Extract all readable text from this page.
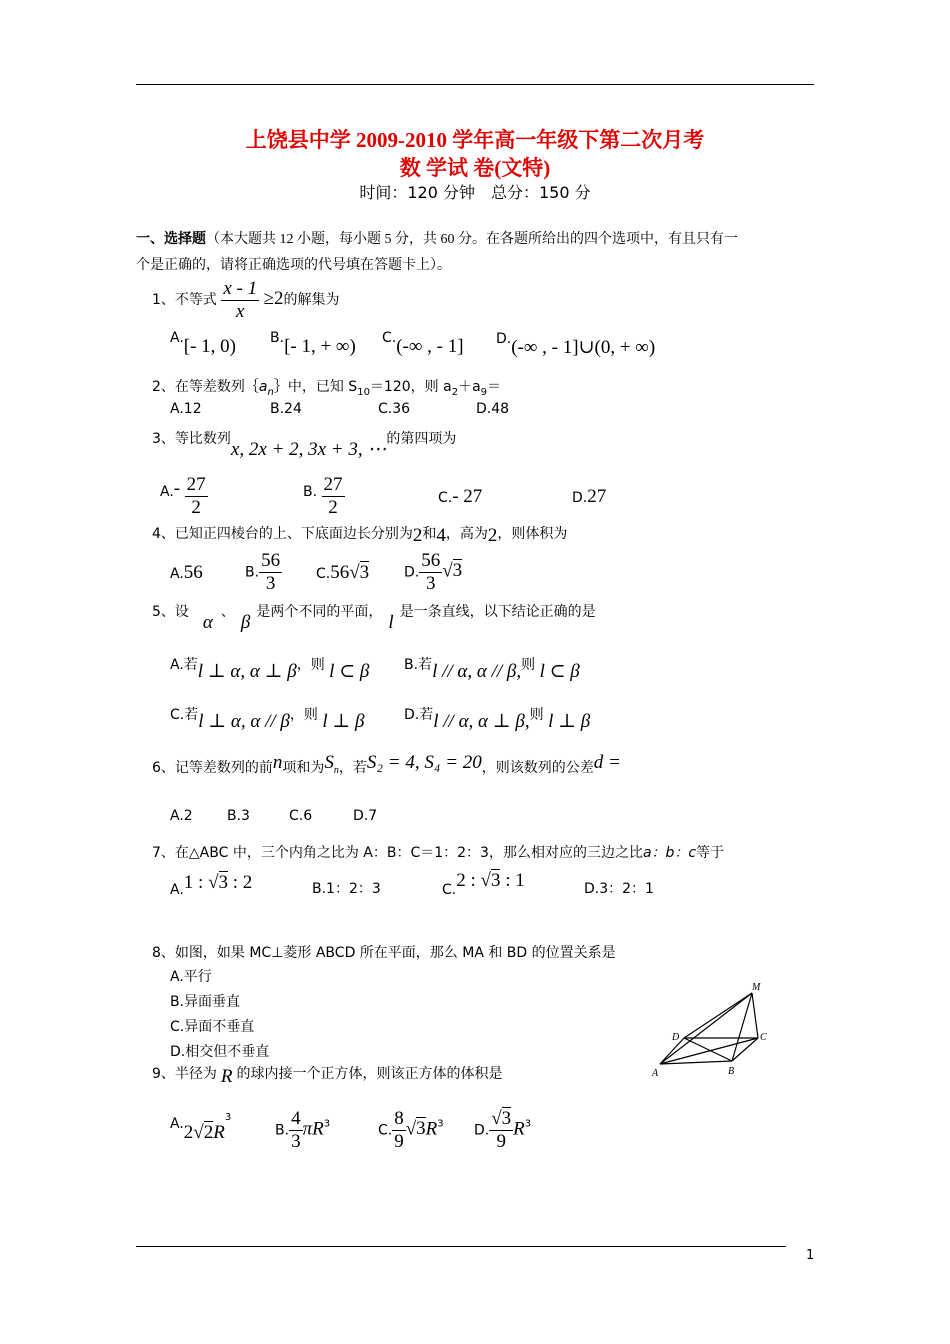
上饶县中学 2009-2010 学年高一年级下第二次月考
数 学试 卷(文特)
时间：120 分钟　总分：150 分
一、选择题（本大题共 12 小题，每小题 5 分，共 60 分。在各题所给出的四个选项中，有且只有一
个是正确的，请将正确选项的代号填在答题卡上）。
1、不等式 $\frac{x - 1}{x} \ge 2$的解集为
A.[- 1, 0) B.[- 1, + ∞) C.(-∞ , - 1] D.(-∞ , - 1]∪(0, + ∞)
2、在等差数列$\{a_n\}$中，已知 $S_{10}=120$，则 $a_2+a_9=$
A.12	B.24	C.36	D.48
3、等比数列x, 2x + 2, 3x + 3, ⋯的第四项为
$A.- \frac{27}{2}$	B. $\frac{27}{2}$	C.- 27	D.27
4、已知正四棱台的上、下底面边长分别为2和4，高为2，则体积为
A.56	B. $\frac{56}{3} C.56√3$ D. $\frac{56}{3} √3$
5、设 α 、 β 是两个不同的平面， l 是一条直线，以下结论正确的是
A.若l ⊥ α, α ⊥ β，则 l ⊂ β B.若l // α, α // β,则 l ⊂ β
C.若l ⊥ α, α // β，则 l ⊥ β	D.若l // α, α ⊥ β,则 l ⊥ β
6、记等差数列的前n项和为$S_n$，若S₂ = 4, S₄ = 20，则该数列的公差d =
A.2 B.3	C.6	D.7
7、在△ABC 中，三个内角之比为 A：B：C＝1：2：3，那么相对应的三边之比a：b：c等于
A.1 : √3 : 2	B.1：2：3	C.2 : √3 : 1	D.3：2：1
8、如图，如果 MC⊥菱形 ABCD 所在平面，那么 MA 和 BD 的位置关系是
A.平行
B.异面垂直
C.异面不垂直
D.相交但不垂直
M
D	C
A	B
9、半径为 R 的球内接一个正方体，则该正方体的体积是
$A.2√2R^3$
B. $\frac{4}{3} \pi R^3$	C. $\frac{8}{9} √3R^3$ D. $\frac{√3}{9} R^3$
1
